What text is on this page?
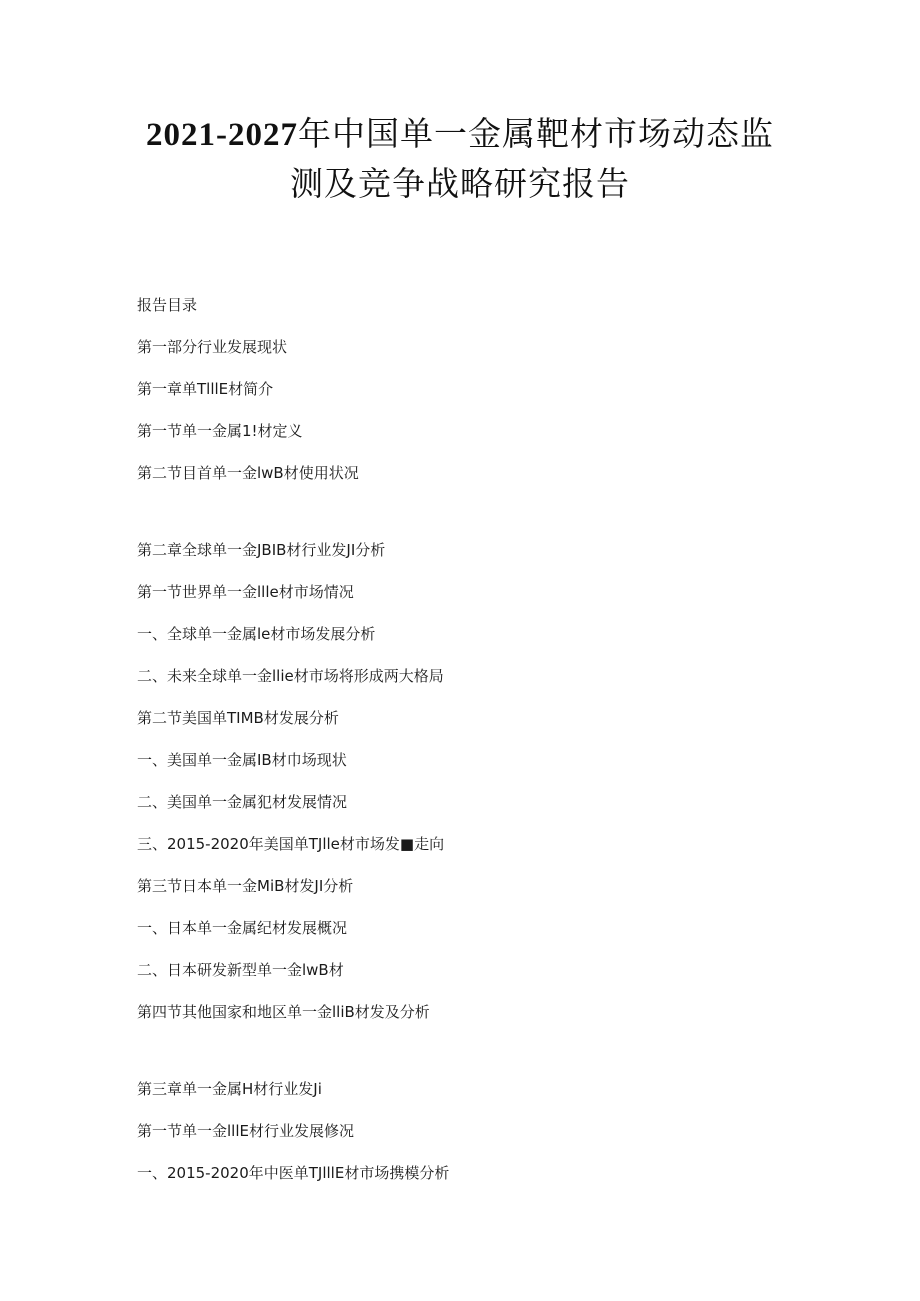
2021-2027年中国单一金属靶材市场动态监
测及竞争战略研究报告
报告目录
第一部分行业发展现状
第一章单TlllE材简介
第一节单一金属1!材定义
第二节目首单一金lwB材使用状况
第二章全球单一金JBIB材行业发JI分析
第一节世界单一金llle材市场情况
一、全球单一金属le材市场发展分析
二、未来全球单一金llie材市场将形成两大格局
第二节美国单TIMB材发展分析
一、美国单一金属IB材巾场现状
二、美国单一金属犯材发展情况
三、2015-2020年美国单TJlle材市场发■走向
第三节日本单一金MiB材发JI分析
一、日本单一金属纪材发展概况
二、日本研发新型单一金lwB材
第四节其他国家和地区单一金lliB材发及分析
第三章单一金属H材行业发Ji
第一节单一金lllE材行业发展修况
一、2015-2020年中医单TJlllE材市场携模分析
